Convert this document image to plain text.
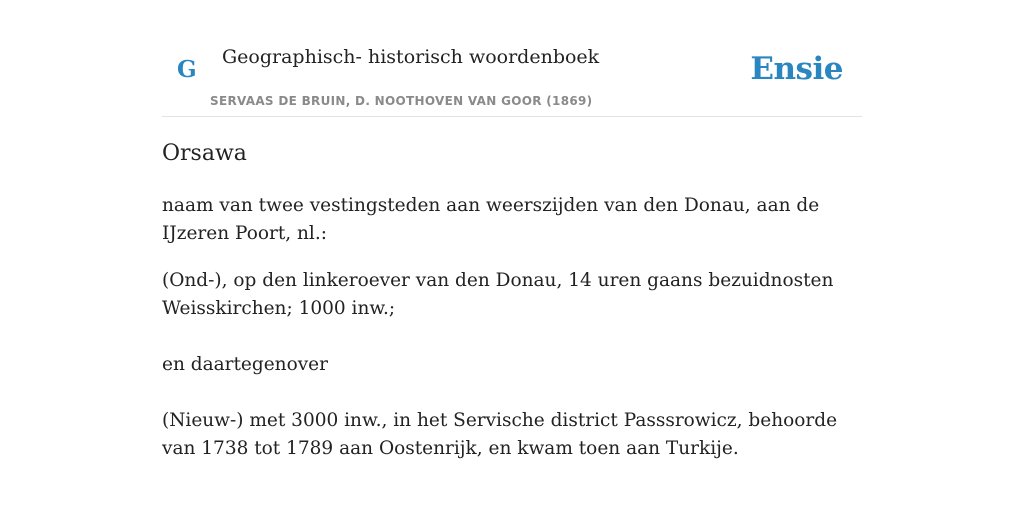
G Geographisch- historisch woordenboek
SERVAAS DE BRUIN, D. NOOTHOVEN VAN GOOR (1869)
Ensie
Orsawa

naam van twee vestingsteden aan weerszijden van den Donau, aan de IJzeren Poort, nl.:

(Ond-), op den linkeroever van den Donau, 14 uren gaans bezuidnosten Weisskirchen; 1000 inw.;

en daartegenover

(Nieuw-) met 3000 inw., in het Servische district Passsrowicz, behoorde van 1738 tot 1789 aan Oostenrijk, en kwam toen aan Turkije.
